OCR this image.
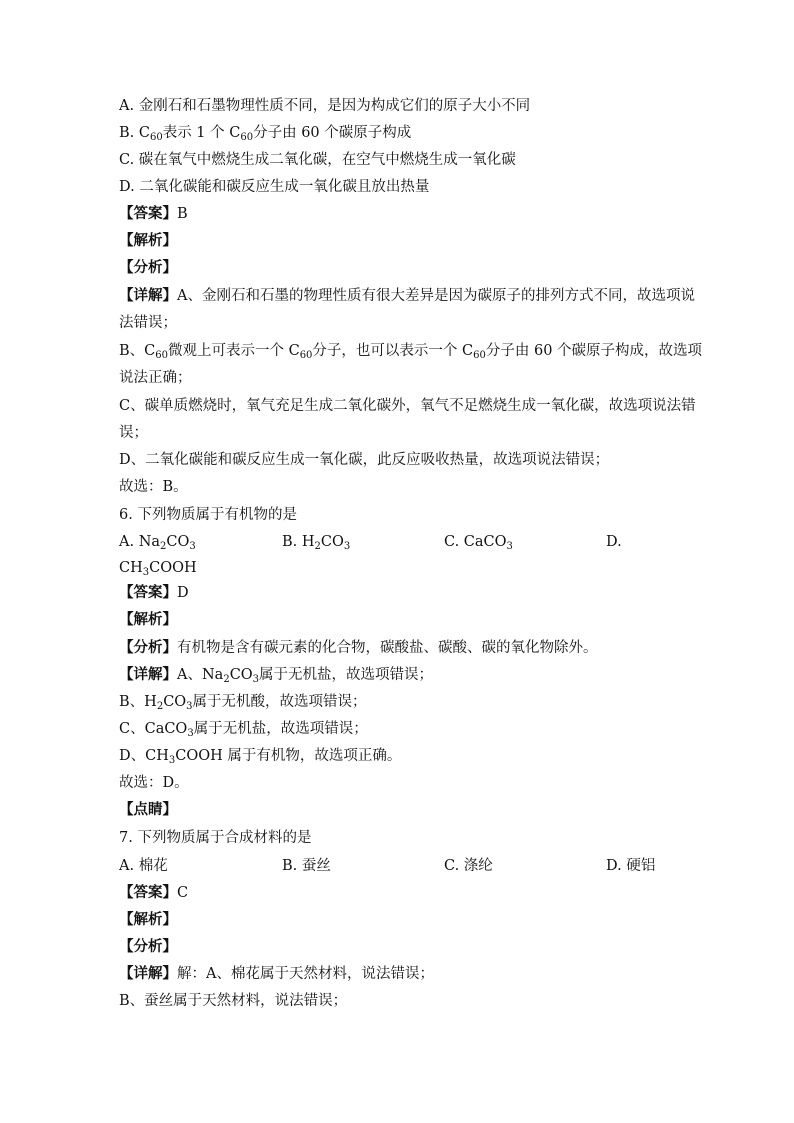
A. 金刚石和石墨物理性质不同，是因为构成它们的原子大小不同
B. $C_{60}$表示 1 个 $C_{60}$分子由 60 个碳原子构成
C. 碳在氧气中燃烧生成二氧化碳，在空气中燃烧生成一氧化碳
D. 二氧化碳能和碳反应生成一氧化碳且放出热量
【答案】B
【解析】
【分析】
【详解】A、金刚石和石墨的物理性质有很大差异是因为碳原子的排列方式不同，故选项说
法错误；
B、$C_{60}$微观上可表示一个 $C_{60}$分子，也可以表示一个 $C_{60}$分子由 60 个碳原子构成，故选项
说法正确；
C、碳单质燃烧时，氧气充足生成二氧化碳外，氧气不足燃烧生成一氧化碳，故选项说法错
误；
D、二氧化碳能和碳反应生成一氧化碳，此反应吸收热量，故选项说法错误；
故选：B。
6. 下列物质属于有机物的是
A. $Na_2CO_3$	B. $H_2CO_3$	C. CaCO$_3$	D.
$CH_3COOH$
【答案】D
【解析】
【分析】有机物是含有碳元素的化合物，碳酸盐、碳酸、碳的氧化物除外。
【详解】A、$Na_2CO_3$属于无机盐，故选项错误；
B、$H_2CO_3$属于无机酸，故选项错误；
C、CaCO$_3$属于无机盐，故选项错误；
D、$CH_3COOH$ 属于有机物，故选项正确。
故选：D。
【点睛】
7. 下列物质属于合成材料的是
A. 棉花	B. 蚕丝	C. 涤纶	D. 硬铝
【答案】C
【解析】
【分析】
【详解】解：A、棉花属于天然材料，说法错误；
B、蚕丝属于天然材料，说法错误；
